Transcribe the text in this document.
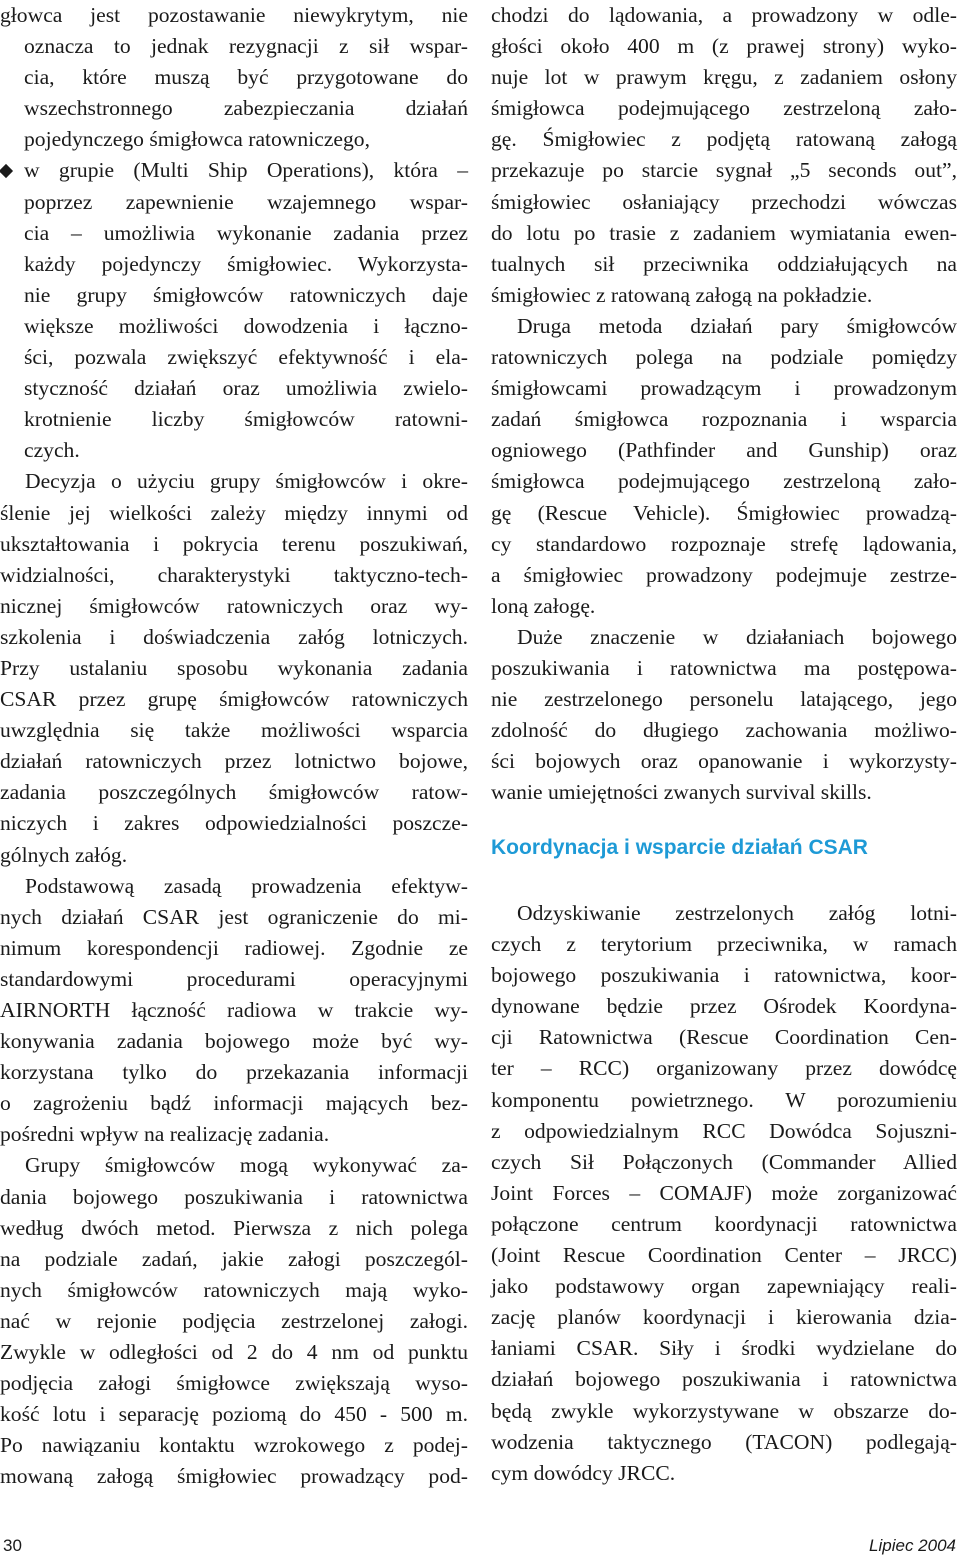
głowca jest pozostawanie niewykrytym, nie
oznacza to jednak rezygnacji z sił wspar-
cia, które muszą być przygotowane do
wszechstronnego zabezpieczania działań
pojedynczego śmigłowca ratowniczego,
w grupie (Multi Ship Operations), która –
poprzez zapewnienie wzajemnego wspar-
cia – umożliwia wykonanie zadania przez
każdy pojedynczy śmigłowiec. Wykorzysta-
nie grupy śmigłowców ratowniczych daje
większe możliwości dowodzenia i łączno-
ści, pozwala zwiększyć efektywność i ela-
styczność działań oraz umożliwia zwielo-
krotnienie liczby śmigłowców ratowni-
czych.
Decyzja o użyciu grupy śmigłowców i okre-
ślenie jej wielkości zależy między innymi od
ukształtowania i pokrycia terenu poszukiwań,
widzialności, charakterystyki taktyczno-tech-
nicznej śmigłowców ratowniczych oraz wy-
szkolenia i doświadczenia załóg lotniczych.
Przy ustalaniu sposobu wykonania zadania
CSAR przez grupę śmigłowców ratowniczych
uwzględnia się także możliwości wsparcia
działań ratowniczych przez lotnictwo bojowe,
zadania poszczególnych śmigłowców ratow-
niczych i zakres odpowiedzialności poszcze-
gólnych załóg.
Podstawową zasadą prowadzenia efektyw-
nych działań CSAR jest ograniczenie do mi-
nimum korespondencji radiowej. Zgodnie ze
standardowymi procedurami operacyjnymi
AIRNORTH łączność radiowa w trakcie wy-
konywania zadania bojowego może być wy-
korzystana tylko do przekazania informacji
o zagrożeniu bądź informacji mających bez-
pośredni wpływ na realizację zadania.
Grupy śmigłowców mogą wykonywać za-
dania bojowego poszukiwania i ratownictwa
według dwóch metod. Pierwsza z nich polega
na podziale zadań, jakie załogi poszczegól-
nych śmigłowców ratowniczych mają wyko-
nać w rejonie podjęcia zestrzelonej załogi.
Zwykle w odległości od 2 do 4 nm od punktu
podjęcia załogi śmigłowce zwiększają wyso-
kość lotu i separację poziomą do 450 - 500 m.
Po nawiązaniu kontaktu wzrokowego z podej-
mowaną załogą śmigłowiec prowadzący pod-
chodzi do lądowania, a prowadzony w odle-
głości około 400 m (z prawej strony) wyko-
nuje lot w prawym kręgu, z zadaniem osłony
śmigłowca podejmującego zestrzeloną zało-
gę. Śmigłowiec z podjętą ratowaną załogą
przekazuje po starcie sygnał „5 seconds out”,
śmigłowiec osłaniający przechodzi wówczas
do lotu po trasie z zadaniem wymiatania ewen-
tualnych sił przeciwnika oddziałujących na
śmigłowiec z ratowaną załogą na pokładzie.
Druga metoda działań pary śmigłowców
ratowniczych polega na podziale pomiędzy
śmigłowcami prowadzącym i prowadzonym
zadań śmigłowca rozpoznania i wsparcia
ogniowego (Pathfinder and Gunship) oraz
śmigłowca podejmującego zestrzeloną zało-
gę (Rescue Vehicle). Śmigłowiec prowadzą-
cy standardowo rozpoznaje strefę lądowania,
a śmigłowiec prowadzony podejmuje zestrze-
loną załogę.
Duże znaczenie w działaniach bojowego
poszukiwania i ratownictwa ma postępowa-
nie zestrzelonego personelu latającego, jego
zdolność do długiego zachowania możliwo-
ści bojowych oraz opanowanie i wykorzysty-
wanie umiejętności zwanych survival skills.
Koordynacja i wsparcie działań CSAR
Odzyskiwanie zestrzelonych załóg lotni-
czych z terytorium przeciwnika, w ramach
bojowego poszukiwania i ratownictwa, koor-
dynowane będzie przez Ośrodek Koordyna-
cji Ratownictwa (Rescue Coordination Cen-
ter – RCC) organizowany przez dowódcę
komponentu powietrznego. W porozumieniu
z odpowiedzialnym RCC Dowódca Sojuszni-
czych Sił Połączonych (Commander Allied
Joint Forces – COMAJF) może zorganizować
połączone centrum koordynacji ratownictwa
(Joint Rescue Coordination Center – JRCC)
jako podstawowy organ zapewniający reali-
zację planów koordynacji i kierowania dzia-
łaniami CSAR. Siły i środki wydzielane do
działań bojowego poszukiwania i ratownictwa
będą zwykle wykorzystywane w obszarze do-
wodzenia taktycznego (TACON) podlegają-
cym dowódcy JRCC.
30	Lipiec 2004
